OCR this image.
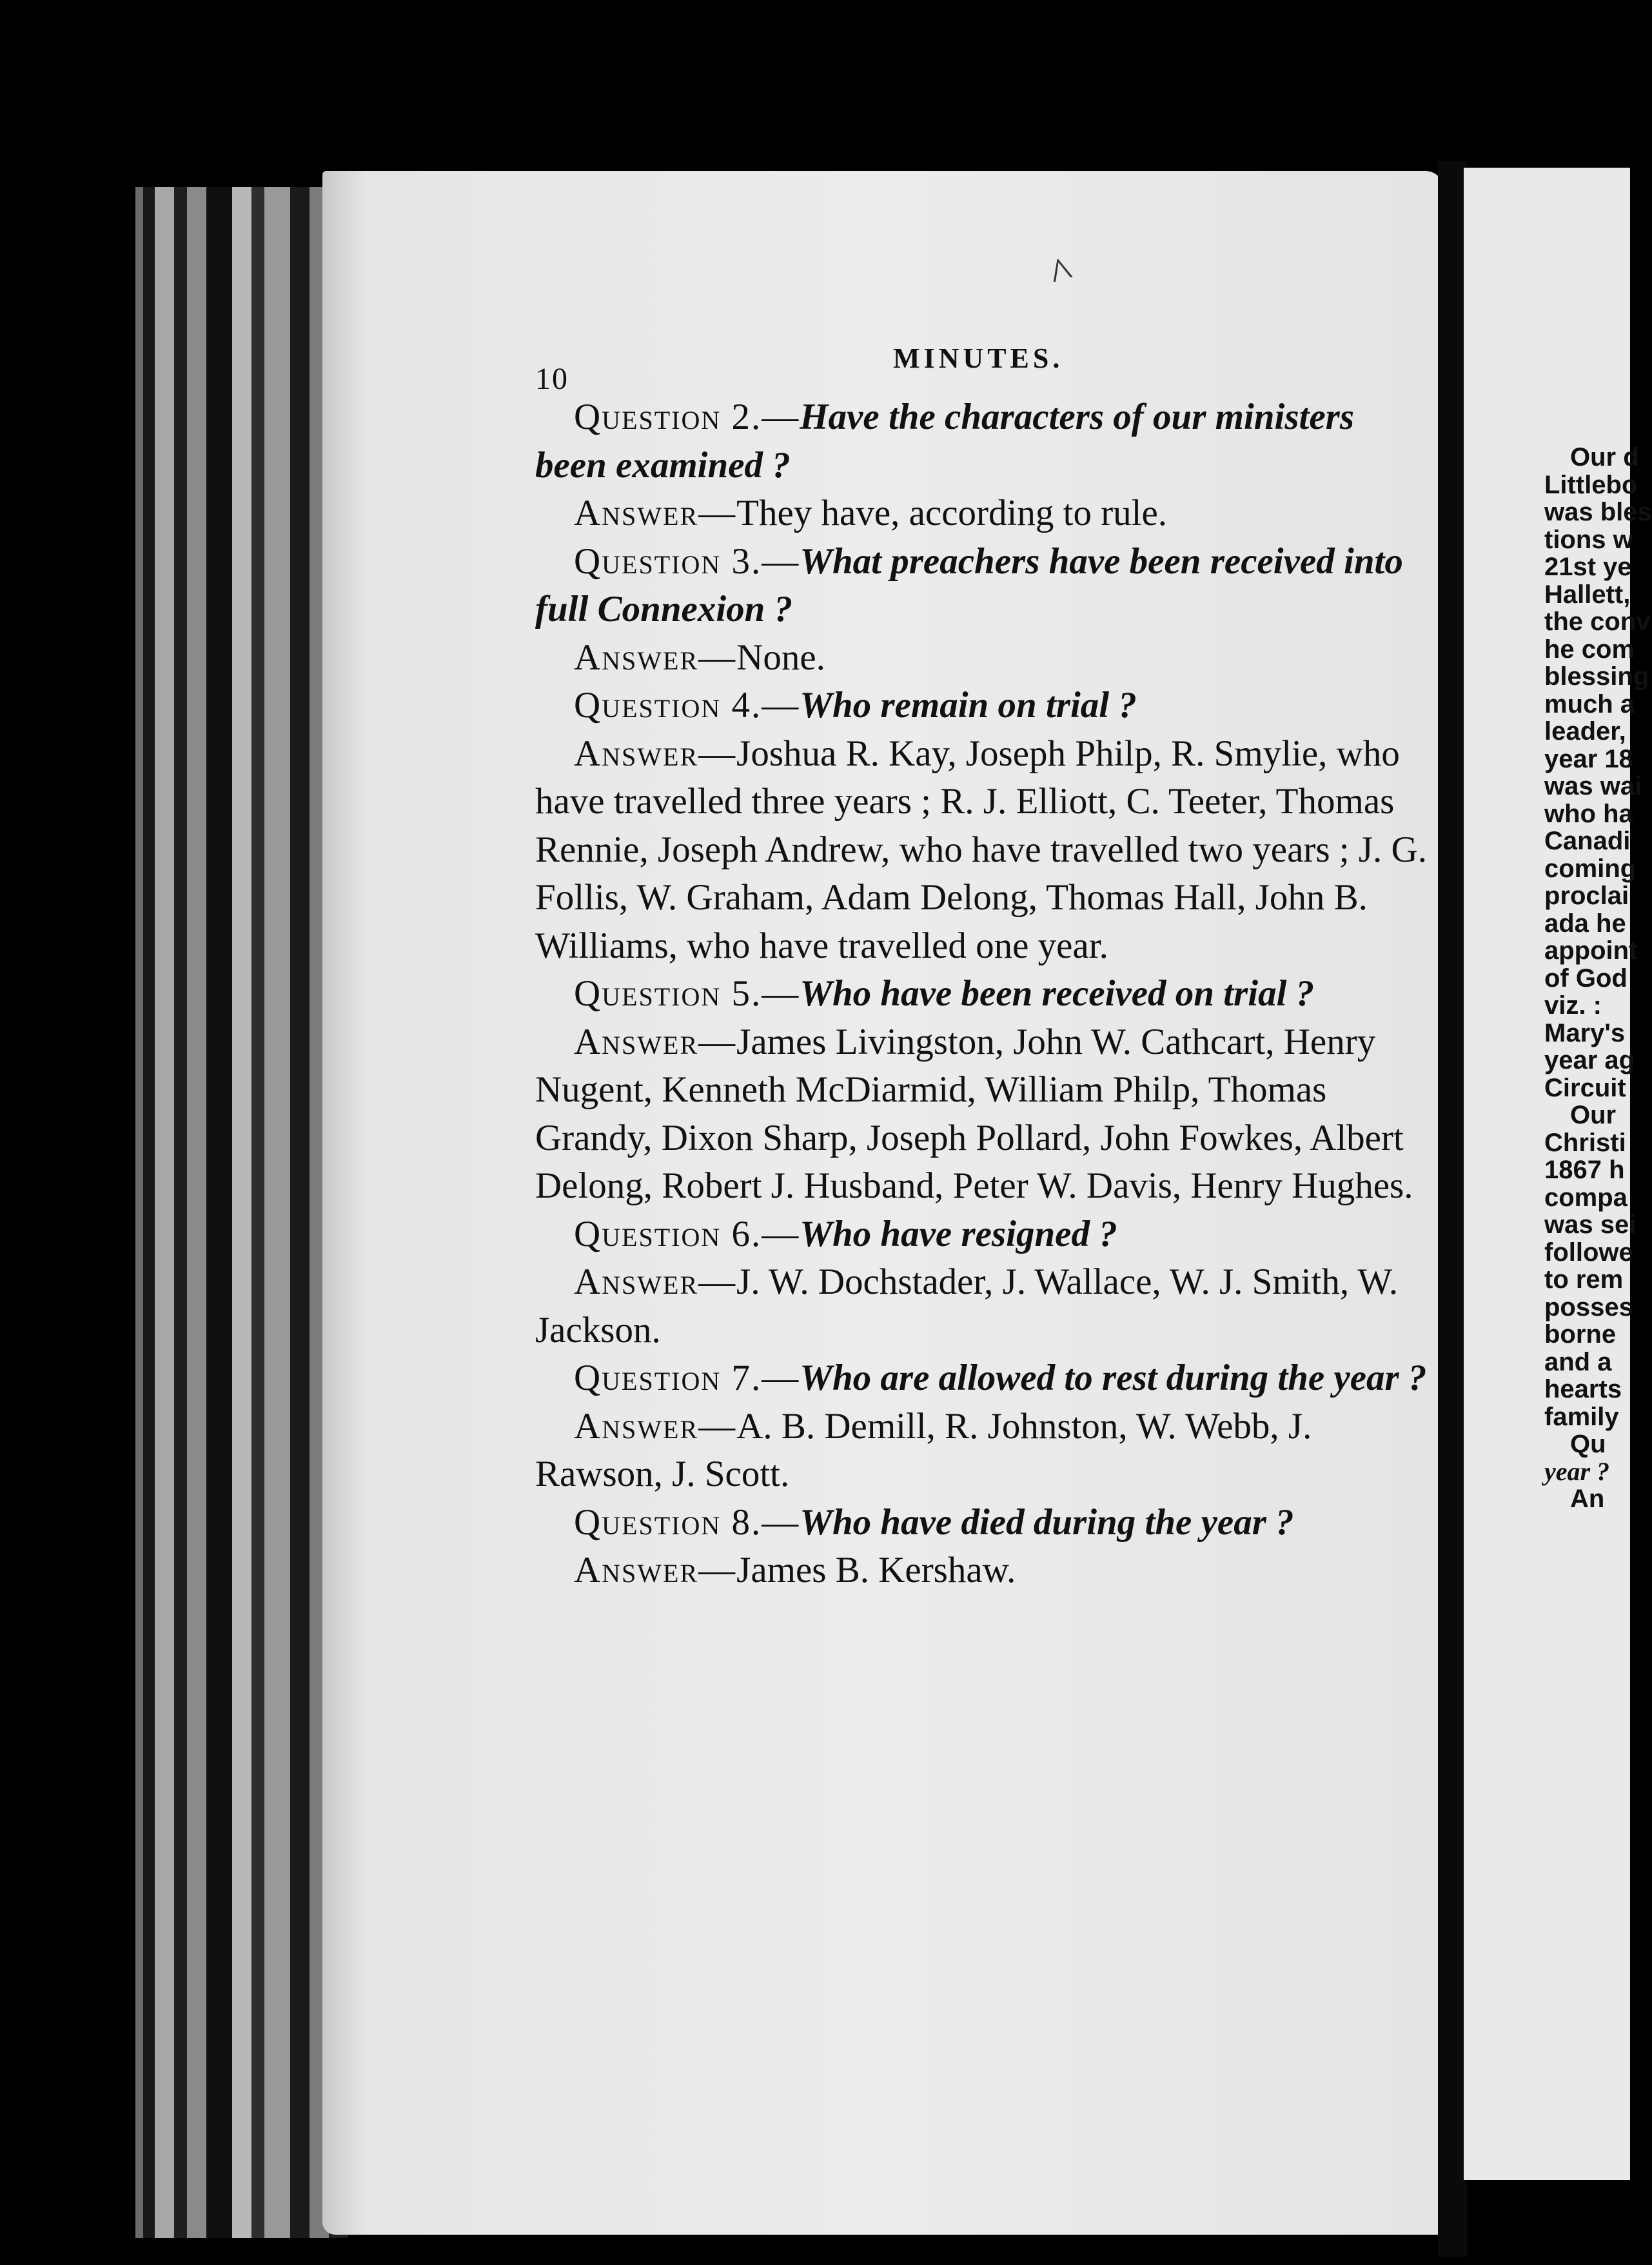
^
10
MINUTES.

Question 2.—Have the characters of our ministers been examined ?

Answer—They have, according to rule.

Question 3.—What preachers have been received into full Connexion ?

Answer—None.

Question 4.—Who remain on trial ?

Answer—Joshua R. Kay, Joseph Philp, R. Smylie, who have travelled three years ; R. J. Elliott, C. Teeter, Thomas Rennie, Joseph Andrew, who have travelled two years ; J. G. Follis, W. Graham, Adam Delong, Thomas Hall, John B. Williams, who have travelled one year.

Question 5.—Who have been received on trial ?

Answer—James Livingston, John W. Cathcart, Henry Nugent, Kenneth McDiarmid, William Philp, Thomas Grandy, Dixon Sharp, Joseph Pollard, John Fowkes, Albert Delong, Robert J. Husband, Peter W. Davis, Henry Hughes.

Question 6.—Who have resigned ?

Answer—J. W. Dochstader, J. Wallace, W. J. Smith, W. Jackson.

Question 7.—Who are allowed to rest during the year ?

Answer—A. B. Demill, R. Johnston, W. Webb, J. Rawson, J. Scott.

Question 8.—Who have died during the year ?

Answer—James B. Kershaw.

Our d
Littlebo
was bles
tions w
21st ye
Hallett,
the conv
he com
blessing
much a
leader,
year 18
was wai
who ha
Canadi
coming
proclai
ada he
appoint
of God
viz. :
Mary's
year ag
Circuit
Our
Christi
1867 h
compa
was sei
followe
to rem
posses
borne
and a
hearts
family
Qu
year ?
An
